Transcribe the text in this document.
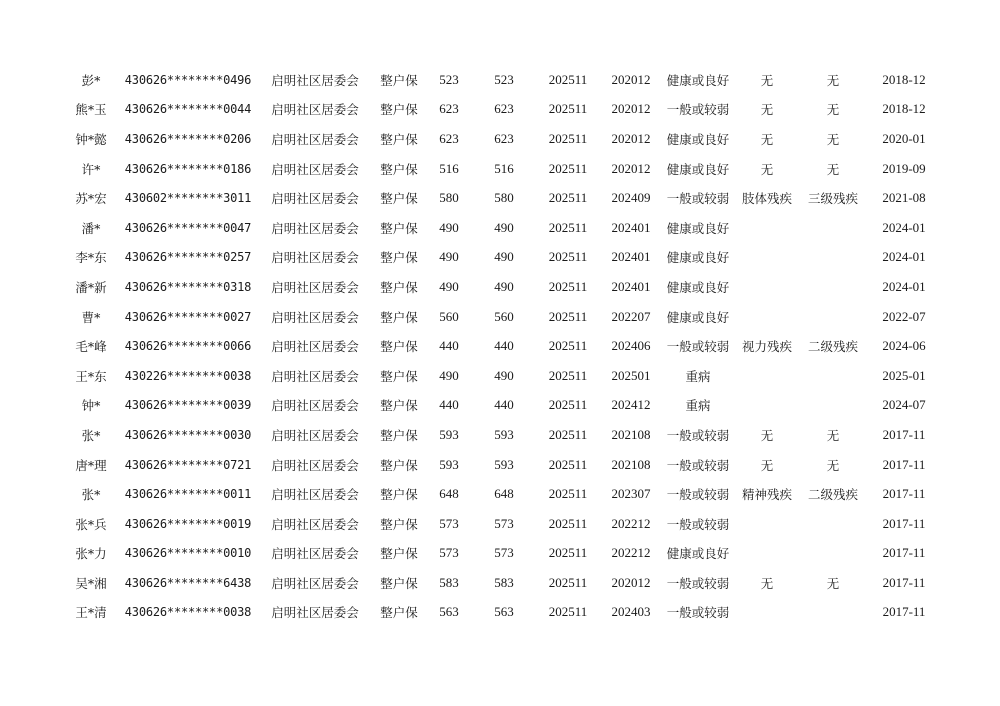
彭*	430626********0496	启明社区居委会	整户保	523	523	202511	202012	健康或良好	无	无	2018-12
熊*玉	430626********0044	启明社区居委会	整户保	623	623	202511	202012	一般或较弱	无	无	2018-12
钟*懿	430626********0206	启明社区居委会	整户保	623	623	202511	202012	健康或良好	无	无	2020-01
许*	430626********0186	启明社区居委会	整户保	516	516	202511	202012	健康或良好	无	无	2019-09
苏*宏	430602********3011	启明社区居委会	整户保	580	580	202511	202409	一般或较弱	肢体残疾	三级残疾	2021-08
潘*	430626********0047	启明社区居委会	整户保	490	490	202511	202401	健康或良好			2024-01
李*东	430626********0257	启明社区居委会	整户保	490	490	202511	202401	健康或良好			2024-01
潘*新	430626********0318	启明社区居委会	整户保	490	490	202511	202401	健康或良好			2024-01
曹*	430626********0027	启明社区居委会	整户保	560	560	202511	202207	健康或良好			2022-07
毛*峰	430626********0066	启明社区居委会	整户保	440	440	202511	202406	一般或较弱	视力残疾	二级残疾	2024-06
王*东	430226********0038	启明社区居委会	整户保	490	490	202511	202501	重病			2025-01
钟*	430626********0039	启明社区居委会	整户保	440	440	202511	202412	重病			2024-07
张*	430626********0030	启明社区居委会	整户保	593	593	202511	202108	一般或较弱	无	无	2017-11
唐*理	430626********0721	启明社区居委会	整户保	593	593	202511	202108	一般或较弱	无	无	2017-11
张*	430626********0011	启明社区居委会	整户保	648	648	202511	202307	一般或较弱	精神残疾	二级残疾	2017-11
张*兵	430626********0019	启明社区居委会	整户保	573	573	202511	202212	一般或较弱			2017-11
张*力	430626********0010	启明社区居委会	整户保	573	573	202511	202212	健康或良好			2017-11
吴*湘	430626********6438	启明社区居委会	整户保	583	583	202511	202012	一般或较弱	无	无	2017-11
王*清	430626********0038	启明社区居委会	整户保	563	563	202511	202403	一般或较弱			2017-11
